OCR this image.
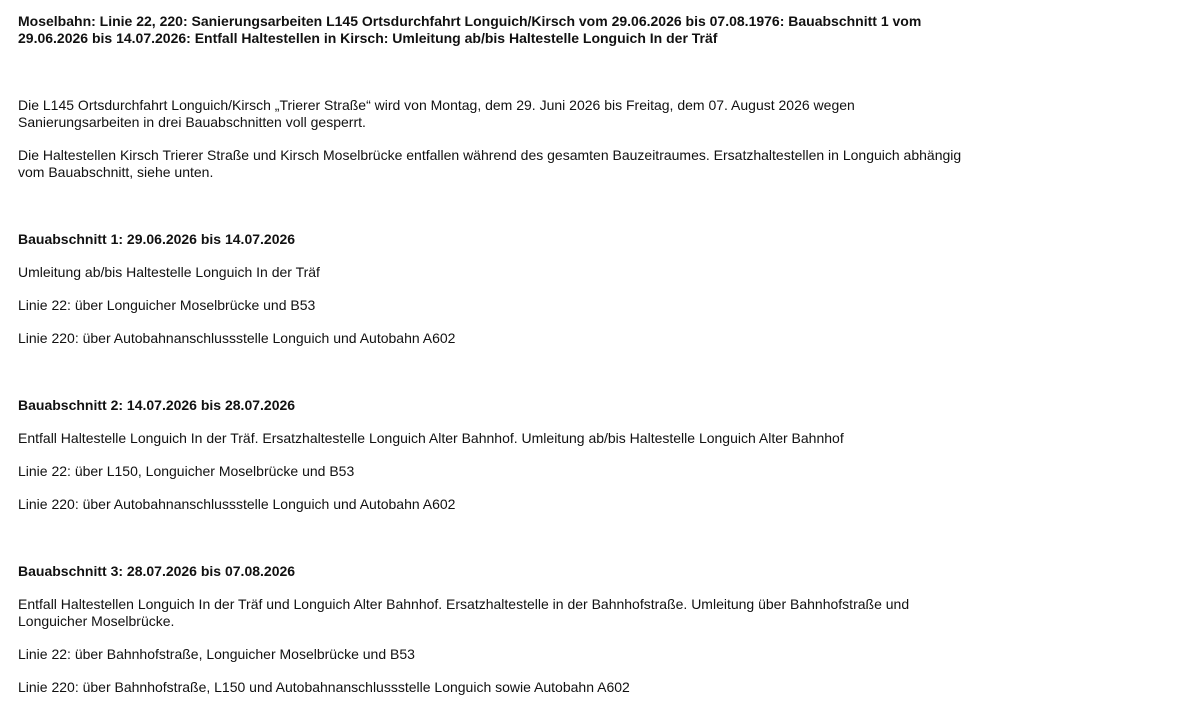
Moselbahn: Linie 22, 220: Sanierungsarbeiten L145 Ortsdurchfahrt Longuich/Kirsch vom 29.06.2026 bis 07.08.1976: Bauabschnitt 1 vom 29.06.2026 bis 14.07.2026: Entfall Haltestellen in Kirsch: Umleitung ab/bis Haltestelle Longuich In der Träf

Die L145 Ortsdurchfahrt Longuich/Kirsch „Trierer Straße“ wird von Montag, dem 29. Juni 2026 bis Freitag, dem 07. August 2026 wegen Sanierungsarbeiten in drei Bauabschnitten voll gesperrt.

Die Haltestellen Kirsch Trierer Straße und Kirsch Moselbrücke entfallen während des gesamten Bauzeitraumes. Ersatzhaltestellen in Longuich abhängig vom Bauabschnitt, siehe unten.

Bauabschnitt 1: 29.06.2026 bis 14.07.2026

Umleitung ab/bis Haltestelle Longuich In der Träf

Linie 22: über Longuicher Moselbrücke und B53

Linie 220: über Autobahnanschlussstelle Longuich und Autobahn A602

Bauabschnitt 2: 14.07.2026 bis 28.07.2026

Entfall Haltestelle Longuich In der Träf. Ersatzhaltestelle Longuich Alter Bahnhof. Umleitung ab/bis Haltestelle Longuich Alter Bahnhof

Linie 22: über L150, Longuicher Moselbrücke und B53

Linie 220: über Autobahnanschlussstelle Longuich und Autobahn A602

Bauabschnitt 3: 28.07.2026 bis 07.08.2026

Entfall Haltestellen Longuich In der Träf und Longuich Alter Bahnhof. Ersatzhaltestelle in der Bahnhofstraße. Umleitung über Bahnhofstraße und Longuicher Moselbrücke.

Linie 22: über Bahnhofstraße, Longuicher Moselbrücke und B53

Linie 220: über Bahnhofstraße, L150 und Autobahnanschlussstelle Longuich sowie Autobahn A602
